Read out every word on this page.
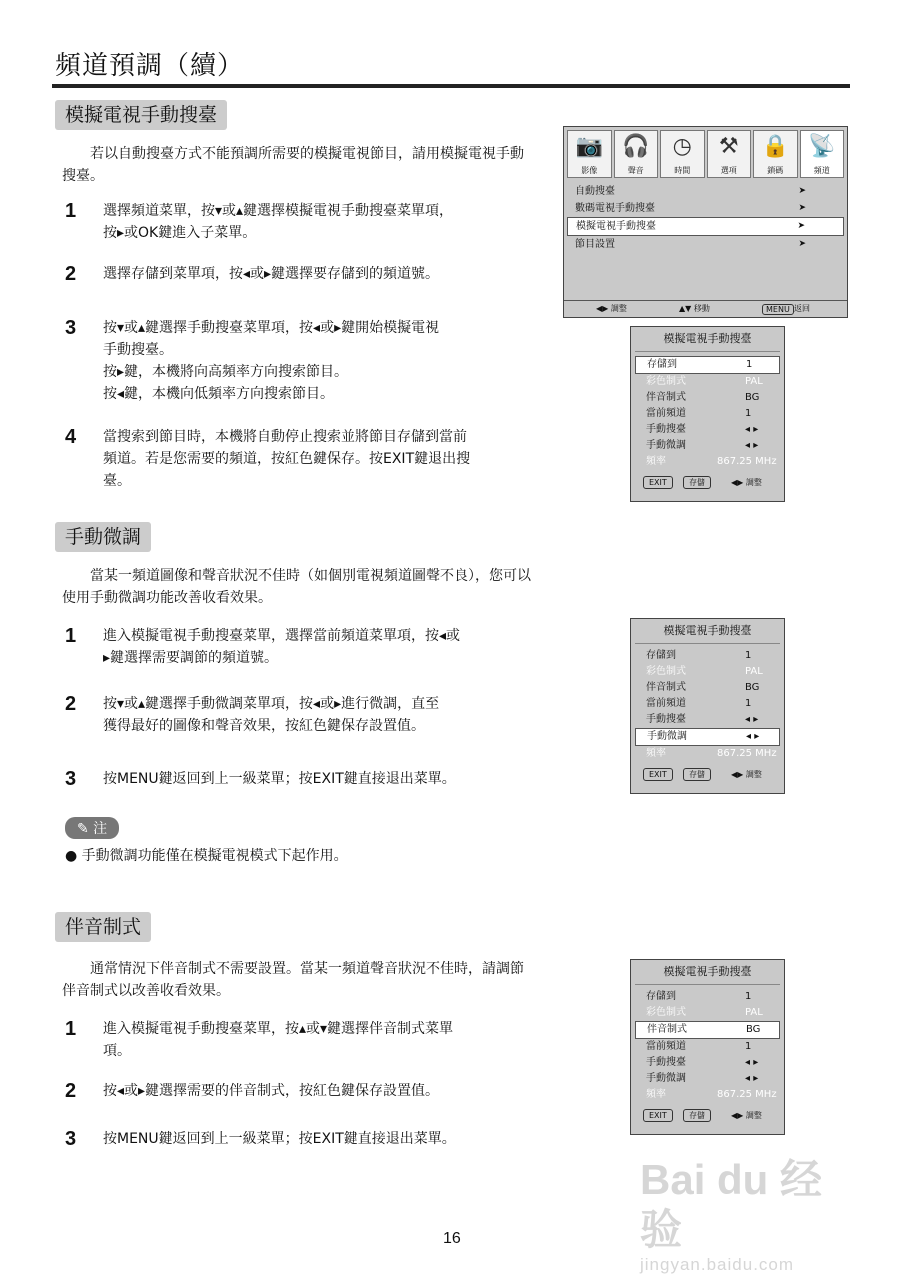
頻道預調（續）
模擬電視手動搜臺
若以自動搜臺方式不能預調所需要的模擬電視節目，請用模擬電視手動搜臺。
1 選擇頻道菜單，按▾或▴鍵選擇模擬電視手動搜臺菜單項，

按▸或OK鍵進入子菜單。

2 選擇存儲到菜單項，按◂或▸鍵選擇要存儲到的頻道號。

3 按▾或▴鍵選擇手動搜臺菜單項，按◂或▸鍵開始模擬電視

手動搜臺。

按▸鍵，本機將向高頻率方向搜索節目。

按◂鍵，本機向低頻率方向搜索節目。

4 當搜索到節目時，本機將自動停止搜索並將節目存儲到當前

頻道。若是您需要的頻道，按紅色鍵保存。按EXIT鍵退出搜

臺。

手動微調
當某一頻道圖像和聲音狀況不佳時（如個別電視頻道圖聲不良），您可以使用手動微調功能改善收看效果。
1 進入模擬電視手動搜臺菜單，選擇當前頻道菜單項，按◂或

▸鍵選擇需要調節的頻道號。

2 按▾或▴鍵選擇手動微調菜單項，按◂或▸進行微調，直至

獲得最好的圖像和聲音效果，按紅色鍵保存設置值。

3 按MENU鍵返回到上一級菜單；按EXIT鍵直接退出菜單。

✎ 注
● 手動微調功能僅在模擬電視模式下起作用。
伴音制式
通常情況下伴音制式不需要設置。當某一頻道聲音狀況不佳時，請調節伴音制式以改善收看效果。
1 進入模擬電視手動搜臺菜單，按▴或▾鍵選擇伴音制式菜單

項。

2 按◂或▸鍵選擇需要的伴音制式，按紅色鍵保存設置值。

3 按MENU鍵返回到上一級菜單；按EXIT鍵直接退出菜單。

📷
影像
🎧
聲音
◷
時間
⚒
選項
🔒
鎖碼
📡
頻道
自動搜臺	➤
數碼電視手動搜臺	➤
模擬電視手動搜臺	➤
節目設置	➤
◀▶ 調整	▲▼ 移動	MENU 返回
模擬電視手動搜臺
存儲到	1
彩色制式	PAL
伴音制式	BG
當前頻道	1
手動搜臺	◂ ▸
手動微調	◂ ▸
頻率	867.25 MHz
EXIT	存儲	◀▶ 調整
模擬電視手動搜臺
存儲到	1
彩色制式	PAL
伴音制式	BG
當前頻道	1
手動搜臺	◂ ▸
手動微調	◂ ▸
頻率	867.25 MHz
EXIT	存儲	◀▶ 調整
模擬電視手動搜臺
存儲到	1
彩色制式	PAL
伴音制式	BG
當前頻道	1
手動搜臺	◂ ▸
手動微調	◂ ▸
頻率	867.25 MHz
EXIT	存儲	◀▶ 調整
Bai du 经验
jingyan.baidu.com
16
